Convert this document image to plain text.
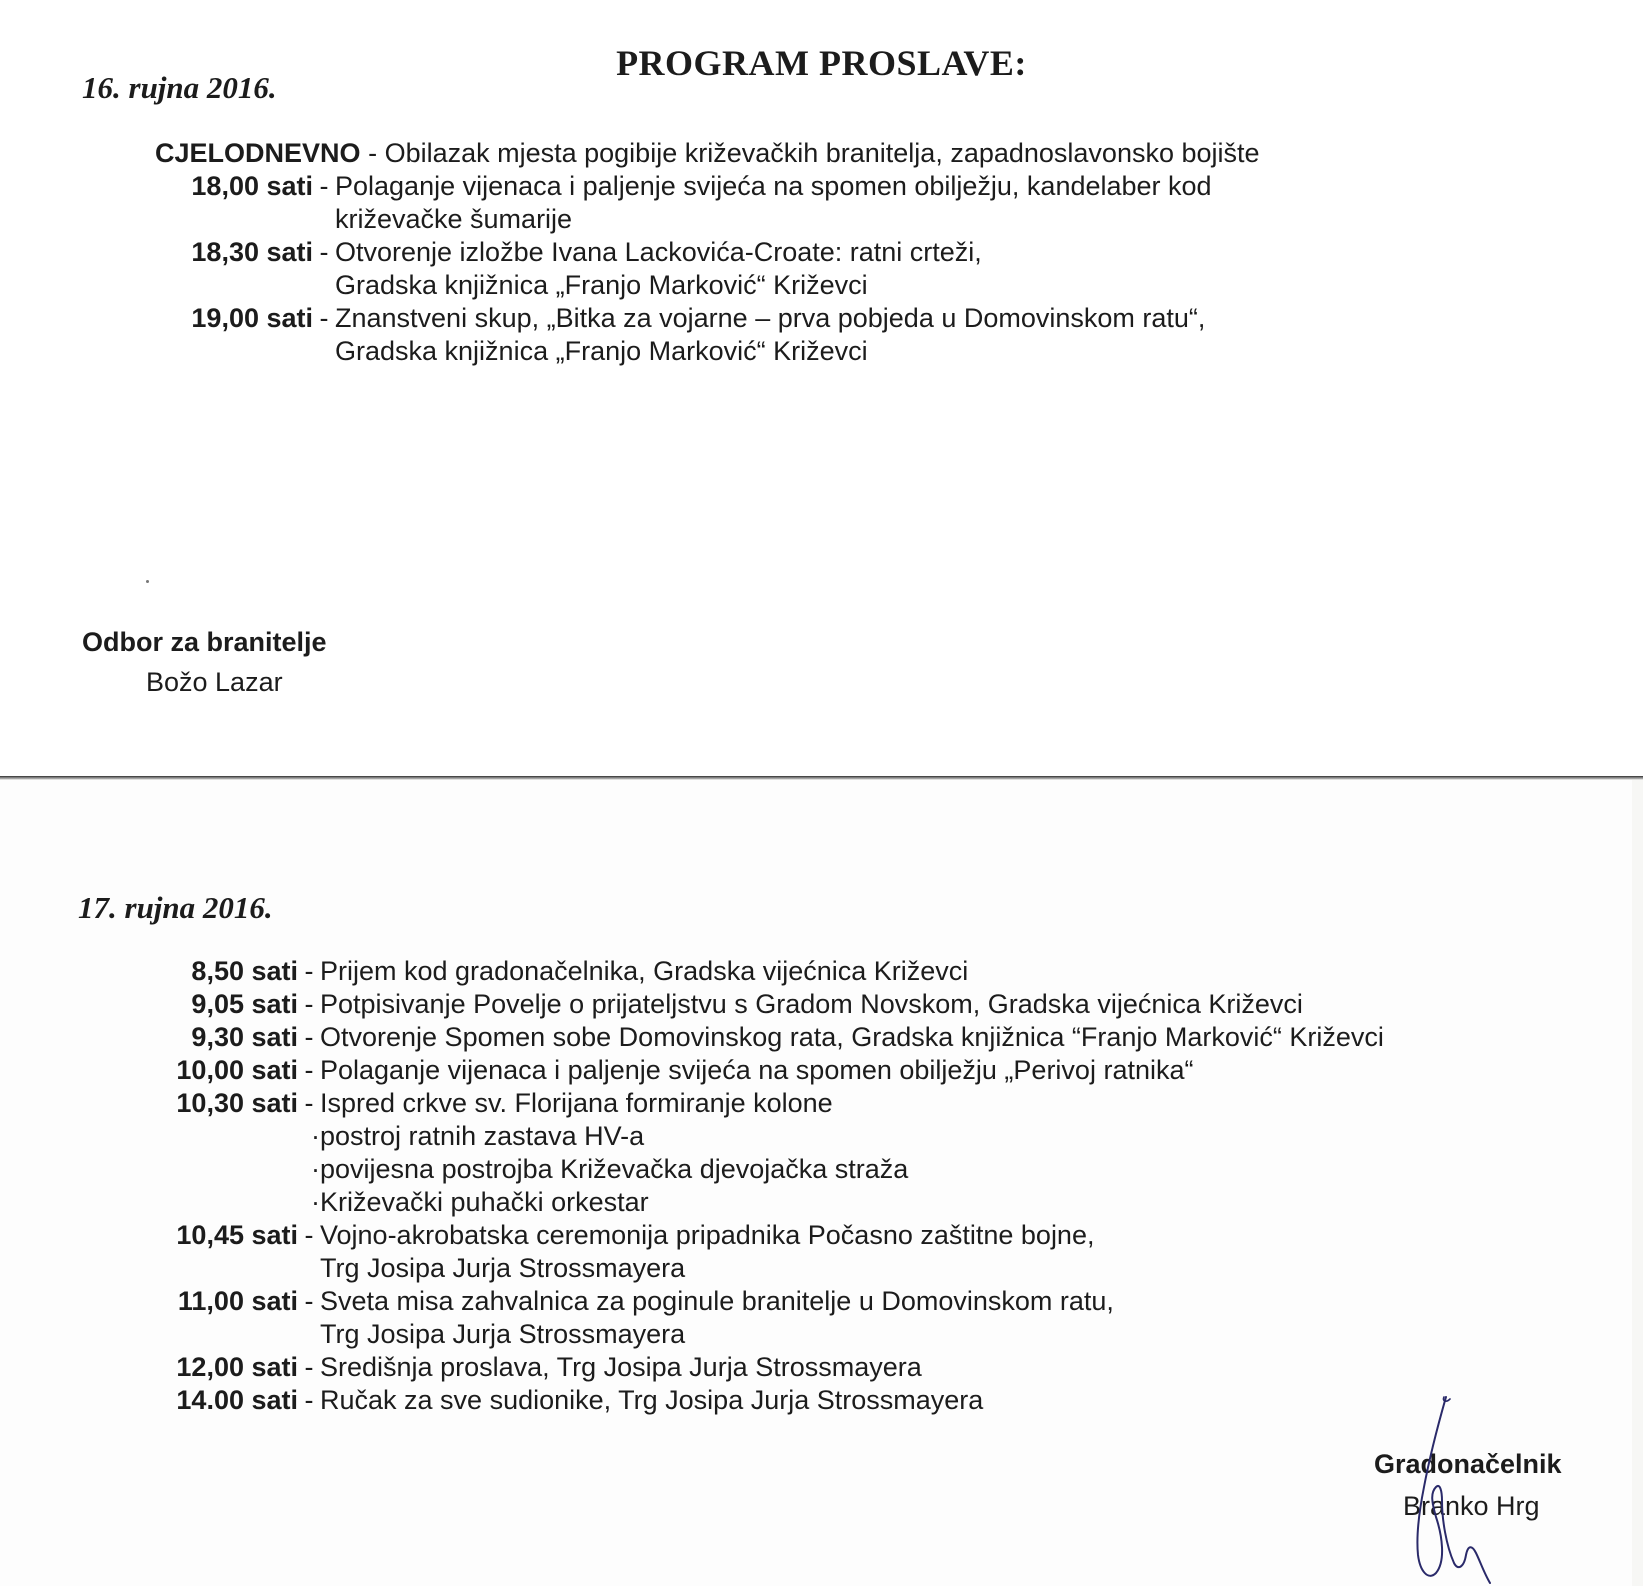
PROGRAM PROSLAVE:
16. rujna 2016.
CJELODNEVNO - Obilazak mjesta pogibije križevačkih branitelja, zapadnoslavonsko bojište
18,00 sati - Polaganje vijenaca i paljenje svijeća na spomen obilježju, kandelaber kod
križevačke šumarije
18,30 sati - Otvorenje izložbe Ivana Lackovića-Croate: ratni crteži,
Gradska knjižnica „Franjo Marković“ Križevci
19,00 sati - Znanstveni skup, „Bitka za vojarne – prva pobjeda u Domovinskom ratu“,
Gradska knjižnica „Franjo Marković“ Križevci
Odbor za branitelje
Božo Lazar
17. rujna 2016.
8,50 sati - Prijem kod gradonačelnika, Gradska vijećnica Križevci
9,05 sati - Potpisivanje Povelje o prijateljstvu s Gradom Novskom, Gradska vijećnica Križevci
9,30 sati - Otvorenje Spomen sobe Domovinskog rata, Gradska knjižnica “Franjo Marković“ Križevci
10,00 sati - Polaganje vijenaca i paljenje svijeća na spomen obilježju „Perivoj ratnika“
10,30 sati - Ispred crkve sv. Florijana formiranje kolone
·postroj ratnih zastava HV-a
·povijesna postrojba Križevačka djevojačka straža
·Križevački puhački orkestar
10,45 sati - Vojno-akrobatska ceremonija pripadnika Počasno zaštitne bojne,
Trg Josipa Jurja Strossmayera
11,00 sati - Sveta misa zahvalnica za poginule branitelje u Domovinskom ratu,
Trg Josipa Jurja Strossmayera
12,00 sati - Središnja proslava, Trg Josipa Jurja Strossmayera
14.00 sati - Ručak za sve sudionike, Trg Josipa Jurja Strossmayera
Gradonačelnik
Branko Hrg
